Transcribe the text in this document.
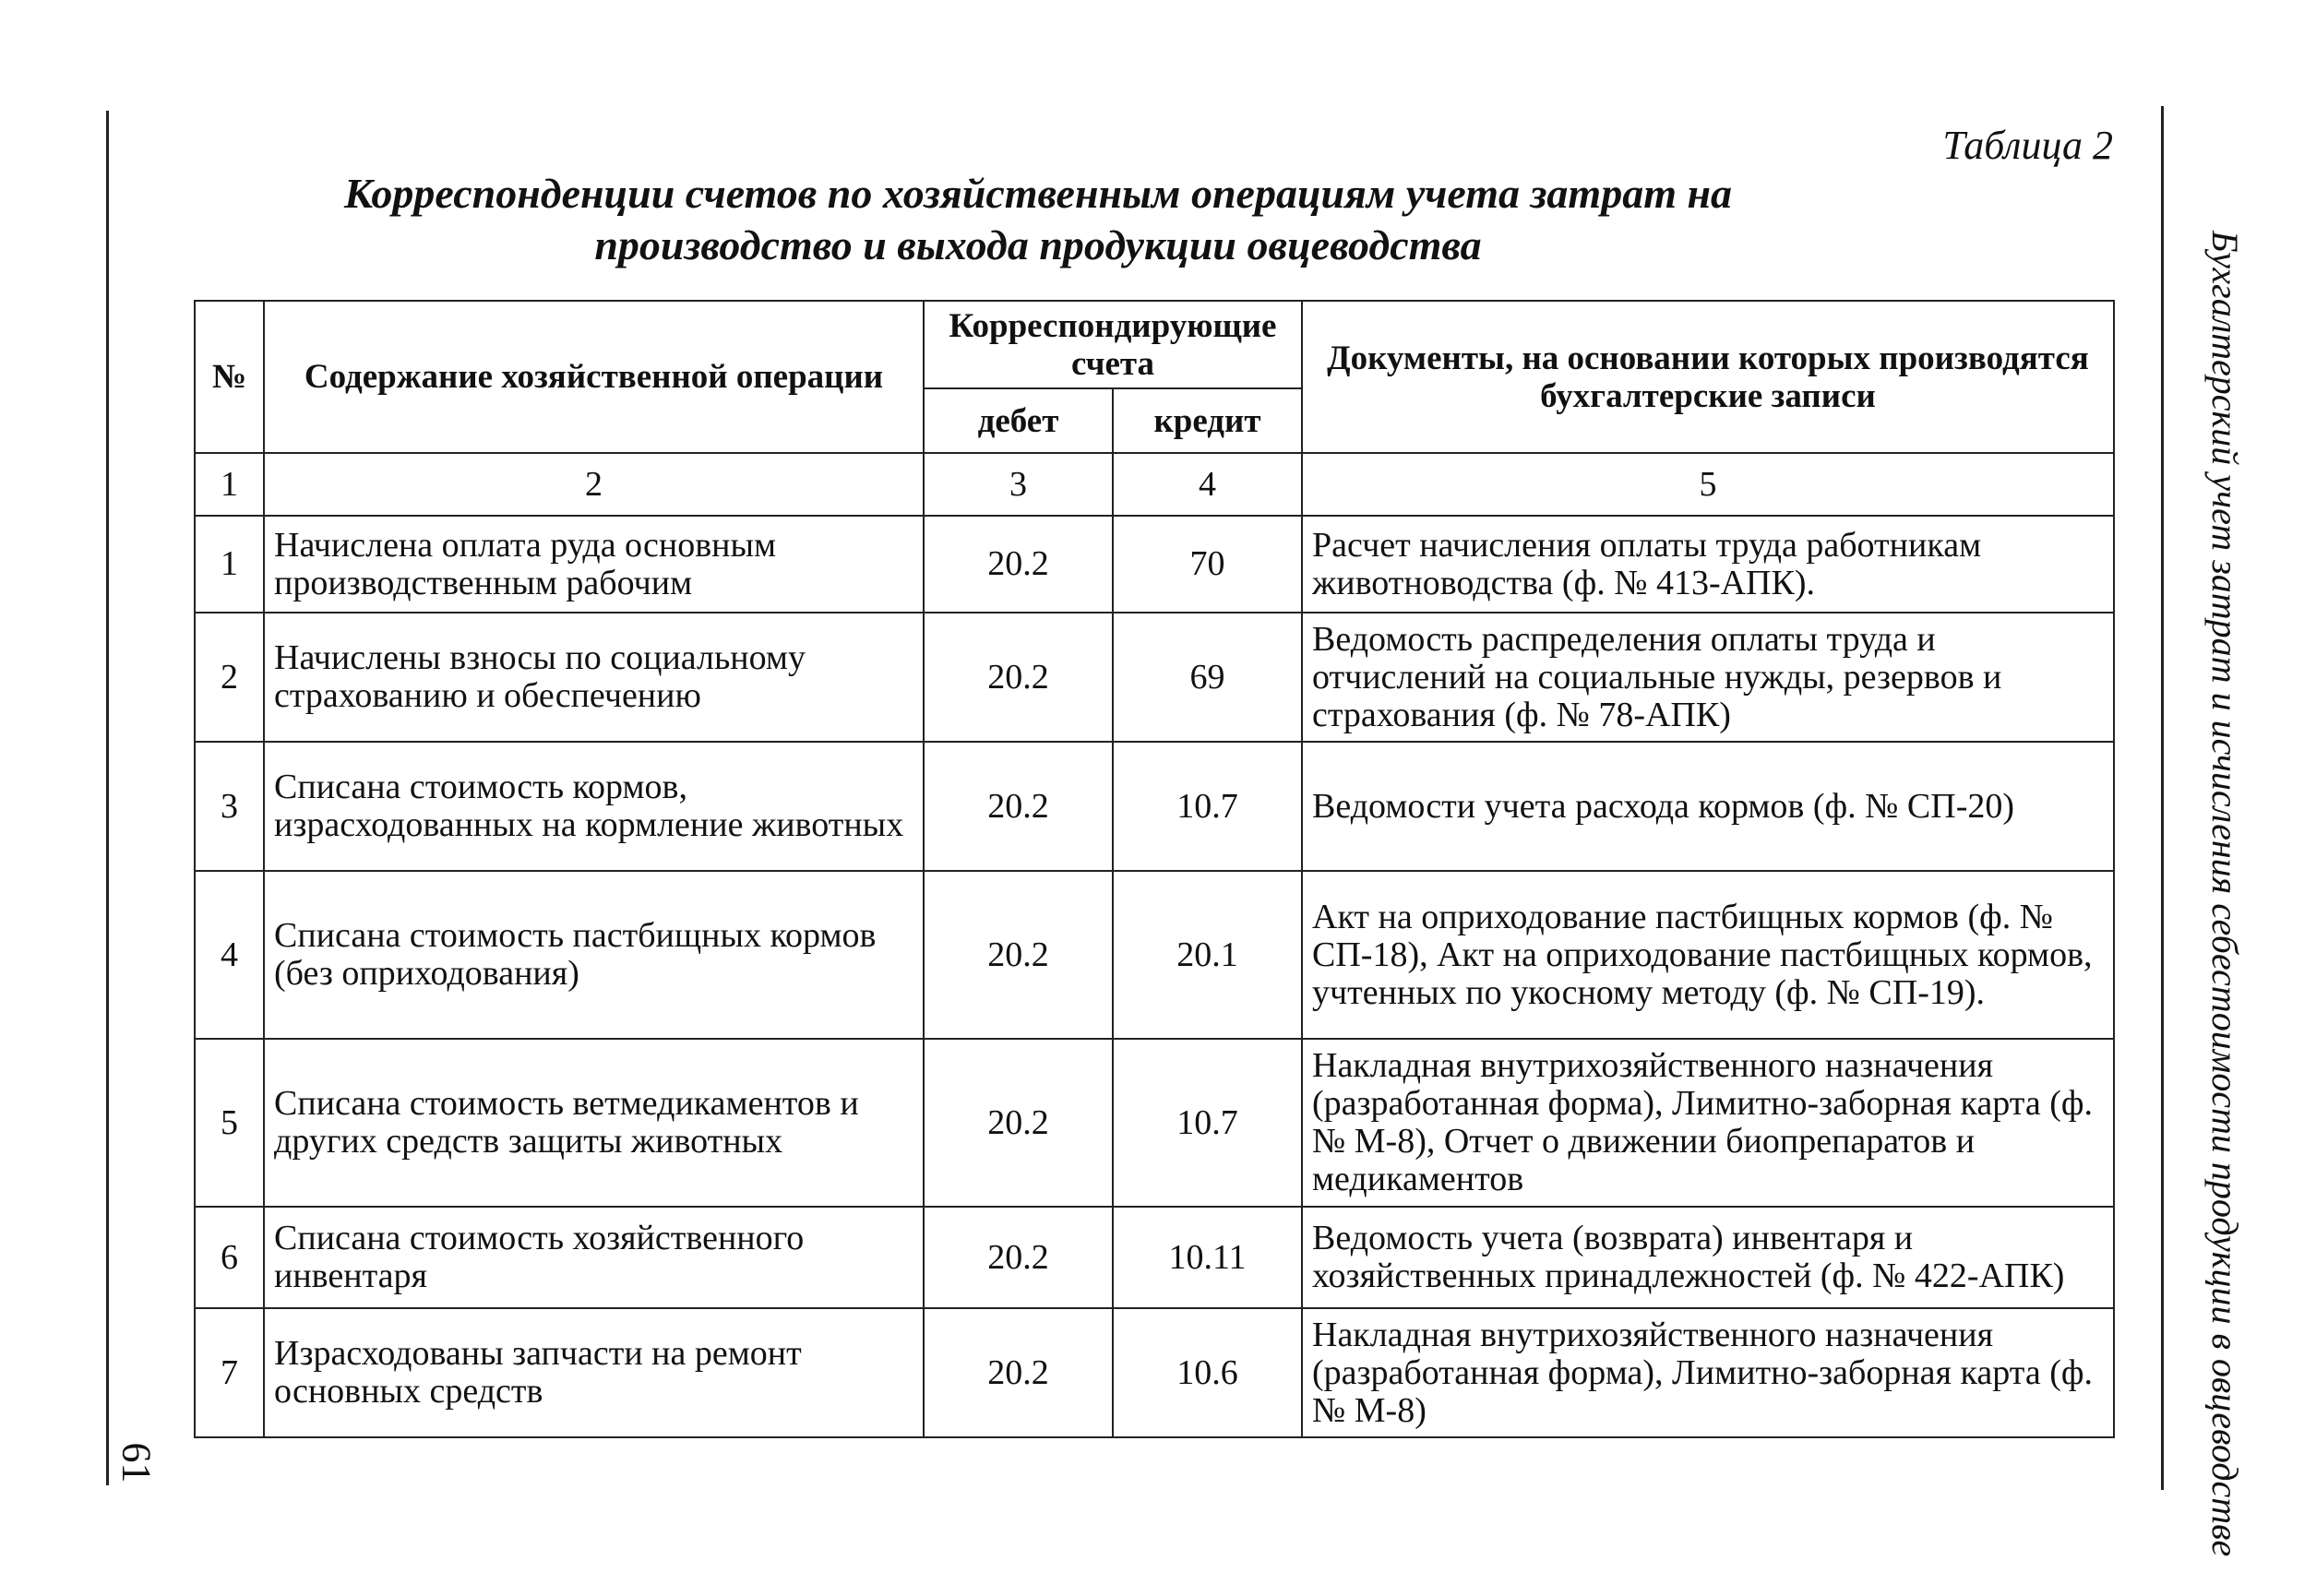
61	Бухгалтерский учет затрат и исчисления себестоимости продукции в овцеводстве
Таблица 2
Корреспонденции счетов по хозяйственным операциям учета затрат на производство и выхода продукции овцеводства
№	Содержание хозяйственной операции	Корреспондирующие счета		Документы, на основании которых производятся бухгалтерские записи
		дебет	кредит	
1	2	3	4	5
1	Начислена оплата руда основным производственным рабочим	20.2	70	Расчет начисления оплаты труда работникам животноводства (ф. № 413-АПК).
2	Начислены взносы по социальному страхованию и обеспечению	20.2	69	Ведомость распределения оплаты труда и отчислений на социальные нужды, резервов и страхования (ф. № 78-АПК)
3	Списана стоимость кормов, израсходованных на кормление животных	20.2	10.7	Ведомости учета расхода кормов (ф. № СП-20)
4	Списана стоимость пастбищных кормов (без оприходования)	20.2	20.1	Акт на оприходование пастбищных кормов (ф. № СП-18), Акт на оприходование пастбищных кормов, учтенных по укосному методу (ф. № СП-19).
5	Списана стоимость ветмедикаментов и других средств защиты животных	20.2	10.7	Накладная внутрихозяйственного назначения (разработанная форма), Лимитно-заборная карта (ф. № М-8), Отчет о движении биопрепаратов и медикаментов
6	Списана стоимость хозяйственного инвентаря	20.2	10.11	Ведомость учета (возврата) инвентаря и хозяйственных принадлежностей (ф. № 422-АПК)
7	Израсходованы запчасти на ремонт основных средств	20.2	10.6	Накладная внутрихозяйственного назначения (разработанная форма), Лимитно-заборная карта (ф. № М-8)
